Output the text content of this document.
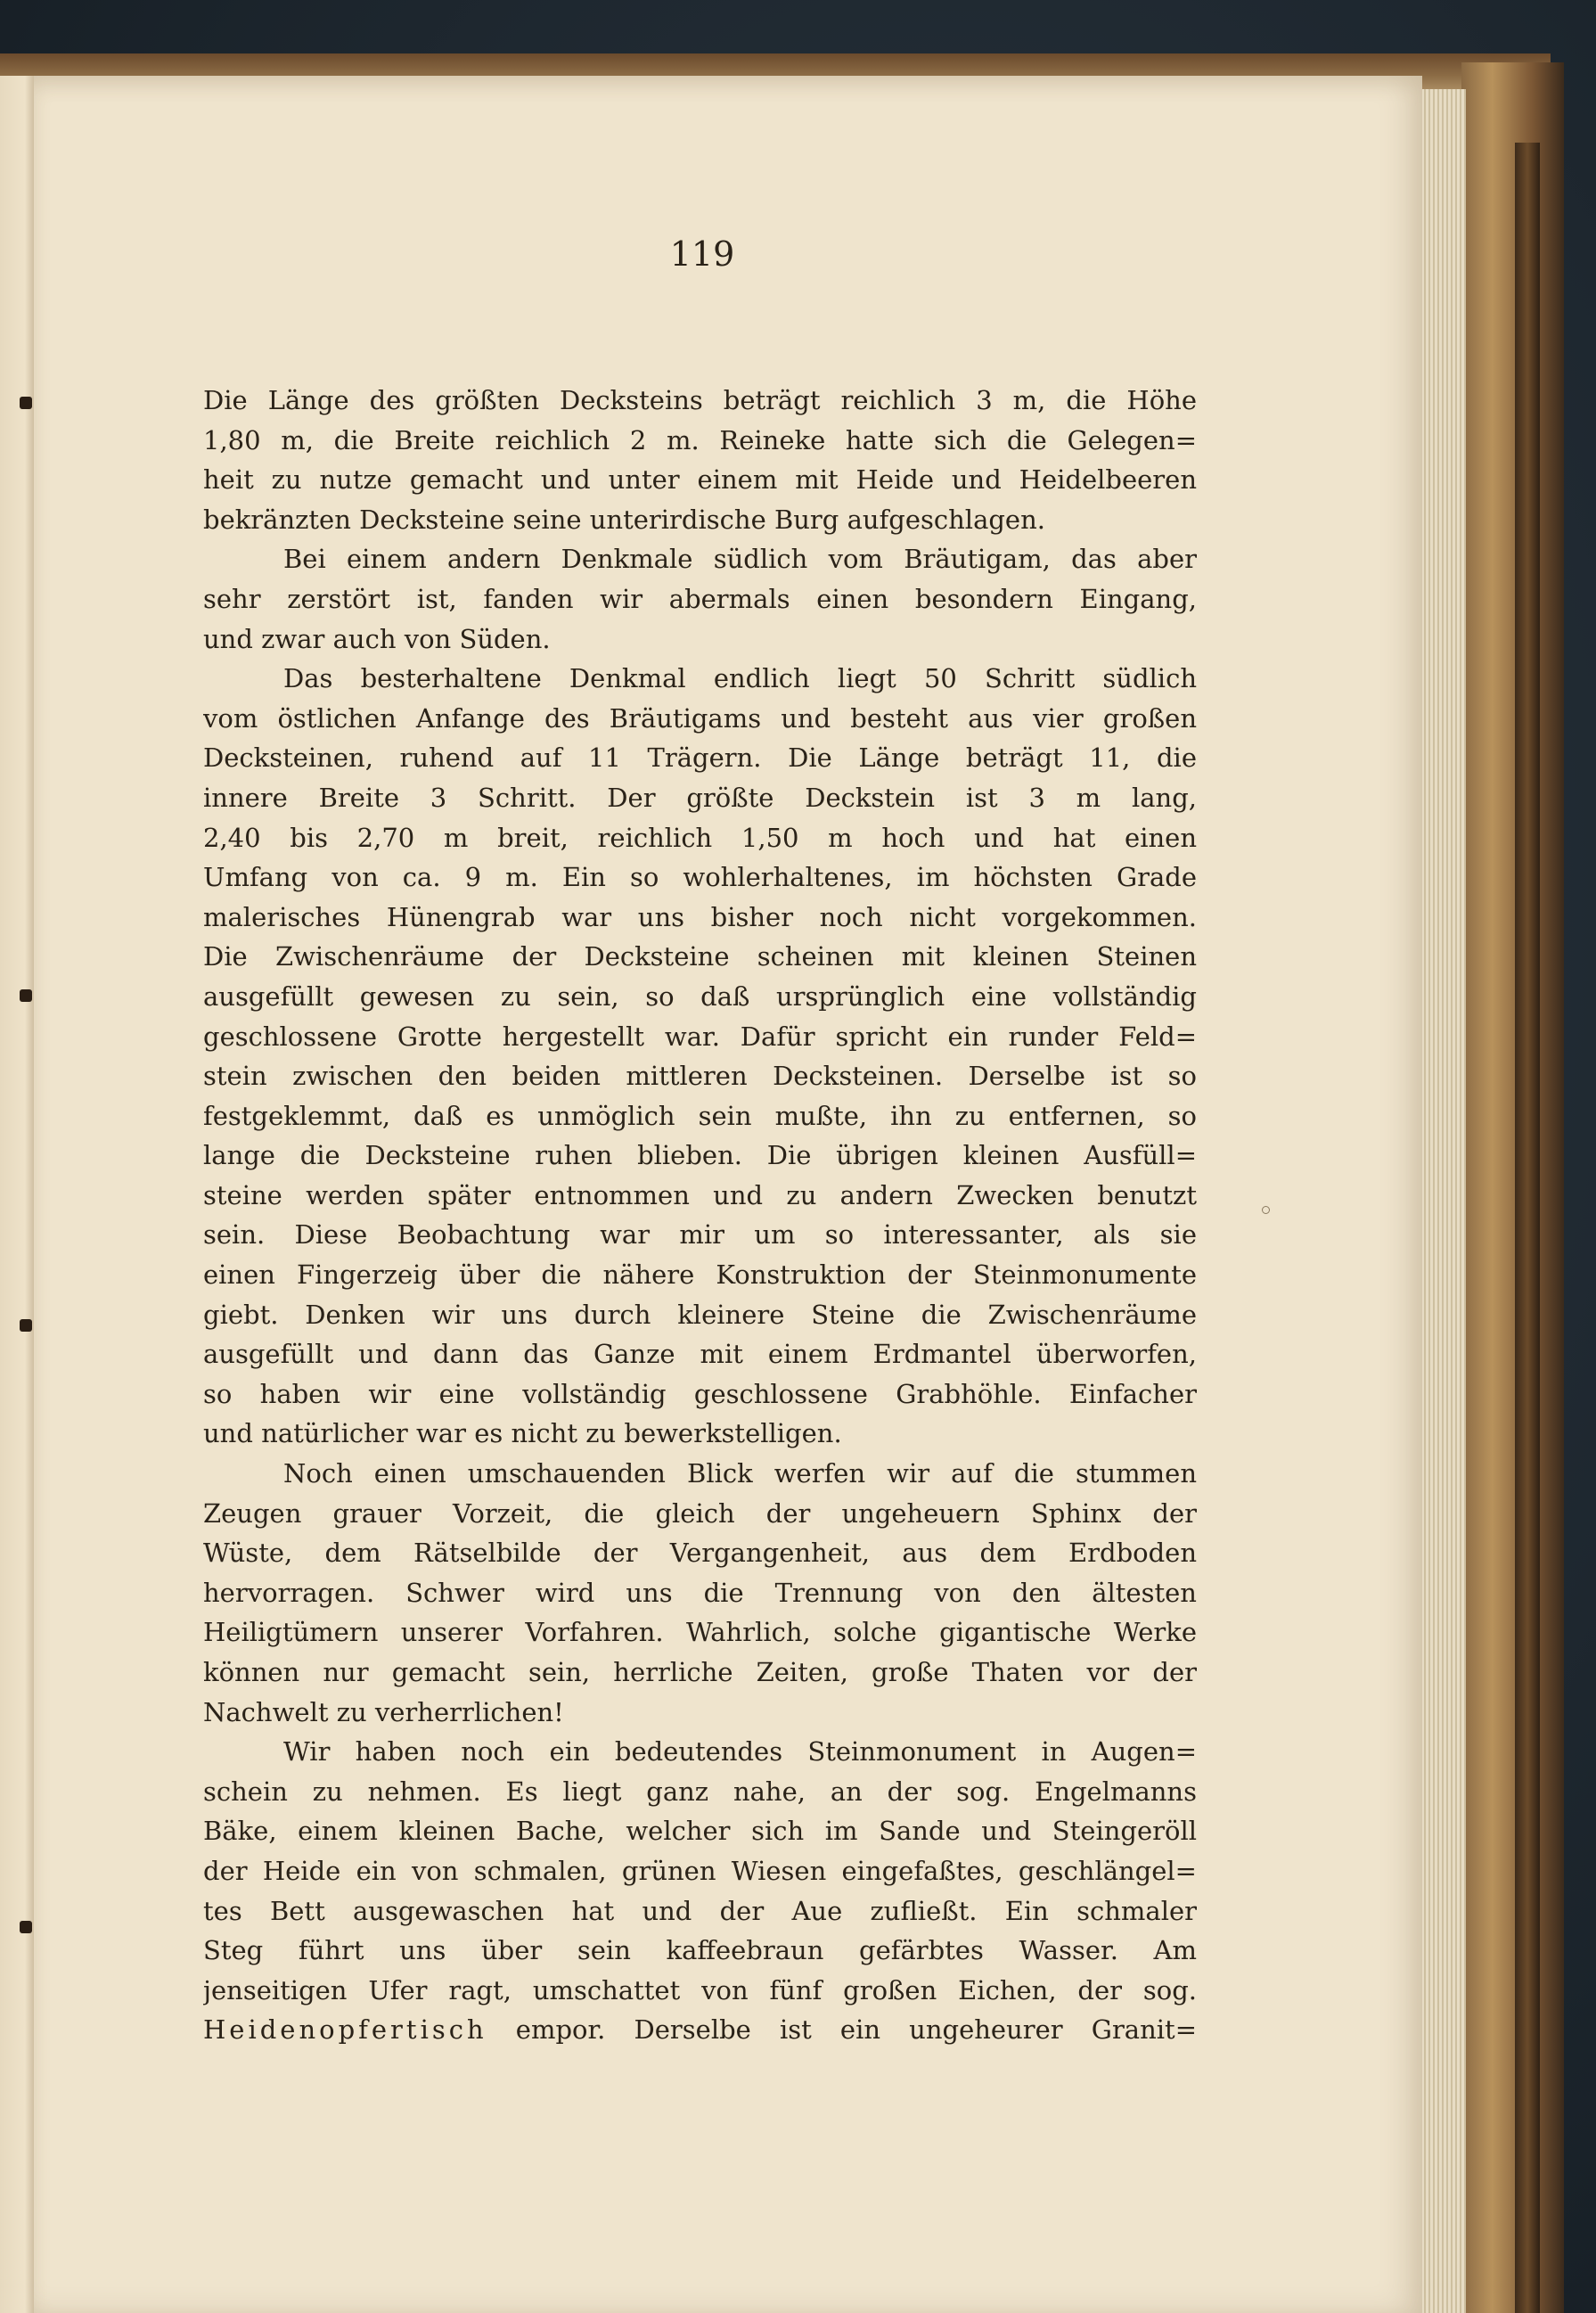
119
Die Länge des größten Decksteins beträgt reichlich 3 m, die Höhe
1,80 m, die Breite reichlich 2 m. Reineke hatte sich die Gelegen=
heit zu nutze gemacht und unter einem mit Heide und Heidelbeeren
bekränzten Decksteine seine unterirdische Burg aufgeschlagen.
Bei einem andern Denkmale südlich vom Bräutigam, das aber
sehr zerstört ist, fanden wir abermals einen besondern Eingang,
und zwar auch von Süden.
Das besterhaltene Denkmal endlich liegt 50 Schritt südlich
vom östlichen Anfange des Bräutigams und besteht aus vier großen
Decksteinen, ruhend auf 11 Trägern. Die Länge beträgt 11, die
innere Breite 3 Schritt. Der größte Deckstein ist 3 m lang,
2,40 bis 2,70 m breit, reichlich 1,50 m hoch und hat einen
Umfang von ca. 9 m. Ein so wohlerhaltenes, im höchsten Grade
malerisches Hünengrab war uns bisher noch nicht vorgekommen.
Die Zwischenräume der Decksteine scheinen mit kleinen Steinen
ausgefüllt gewesen zu sein, so daß ursprünglich eine vollständig
geschlossene Grotte hergestellt war. Dafür spricht ein runder Feld=
stein zwischen den beiden mittleren Decksteinen. Derselbe ist so
festgeklemmt, daß es unmöglich sein mußte, ihn zu entfernen, so
lange die Decksteine ruhen blieben. Die übrigen kleinen Ausfüll=
steine werden später entnommen und zu andern Zwecken benutzt
sein. Diese Beobachtung war mir um so interessanter, als sie
einen Fingerzeig über die nähere Konstruktion der Steinmonumente
giebt. Denken wir uns durch kleinere Steine die Zwischenräume
ausgefüllt und dann das Ganze mit einem Erdmantel überworfen,
so haben wir eine vollständig geschlossene Grabhöhle. Einfacher
und natürlicher war es nicht zu bewerkstelligen.
Noch einen umschauenden Blick werfen wir auf die stummen
Zeugen grauer Vorzeit, die gleich der ungeheuern Sphinx der
Wüste, dem Rätselbilde der Vergangenheit, aus dem Erdboden
hervorragen. Schwer wird uns die Trennung von den ältesten
Heiligtümern unserer Vorfahren. Wahrlich, solche gigantische Werke
können nur gemacht sein, herrliche Zeiten, große Thaten vor der
Nachwelt zu verherrlichen!
Wir haben noch ein bedeutendes Steinmonument in Augen=
schein zu nehmen. Es liegt ganz nahe, an der sog. Engelmanns
Bäke, einem kleinen Bache, welcher sich im Sande und Steingeröll
der Heide ein von schmalen, grünen Wiesen eingefaßtes, geschlängel=
tes Bett ausgewaschen hat und der Aue zufließt. Ein schmaler
Steg führt uns über sein kaffeebraun gefärbtes Wasser. Am
jenseitigen Ufer ragt, umschattet von fünf großen Eichen, der sog.
Heidenopfertisch empor. Derselbe ist ein ungeheurer Granit=
